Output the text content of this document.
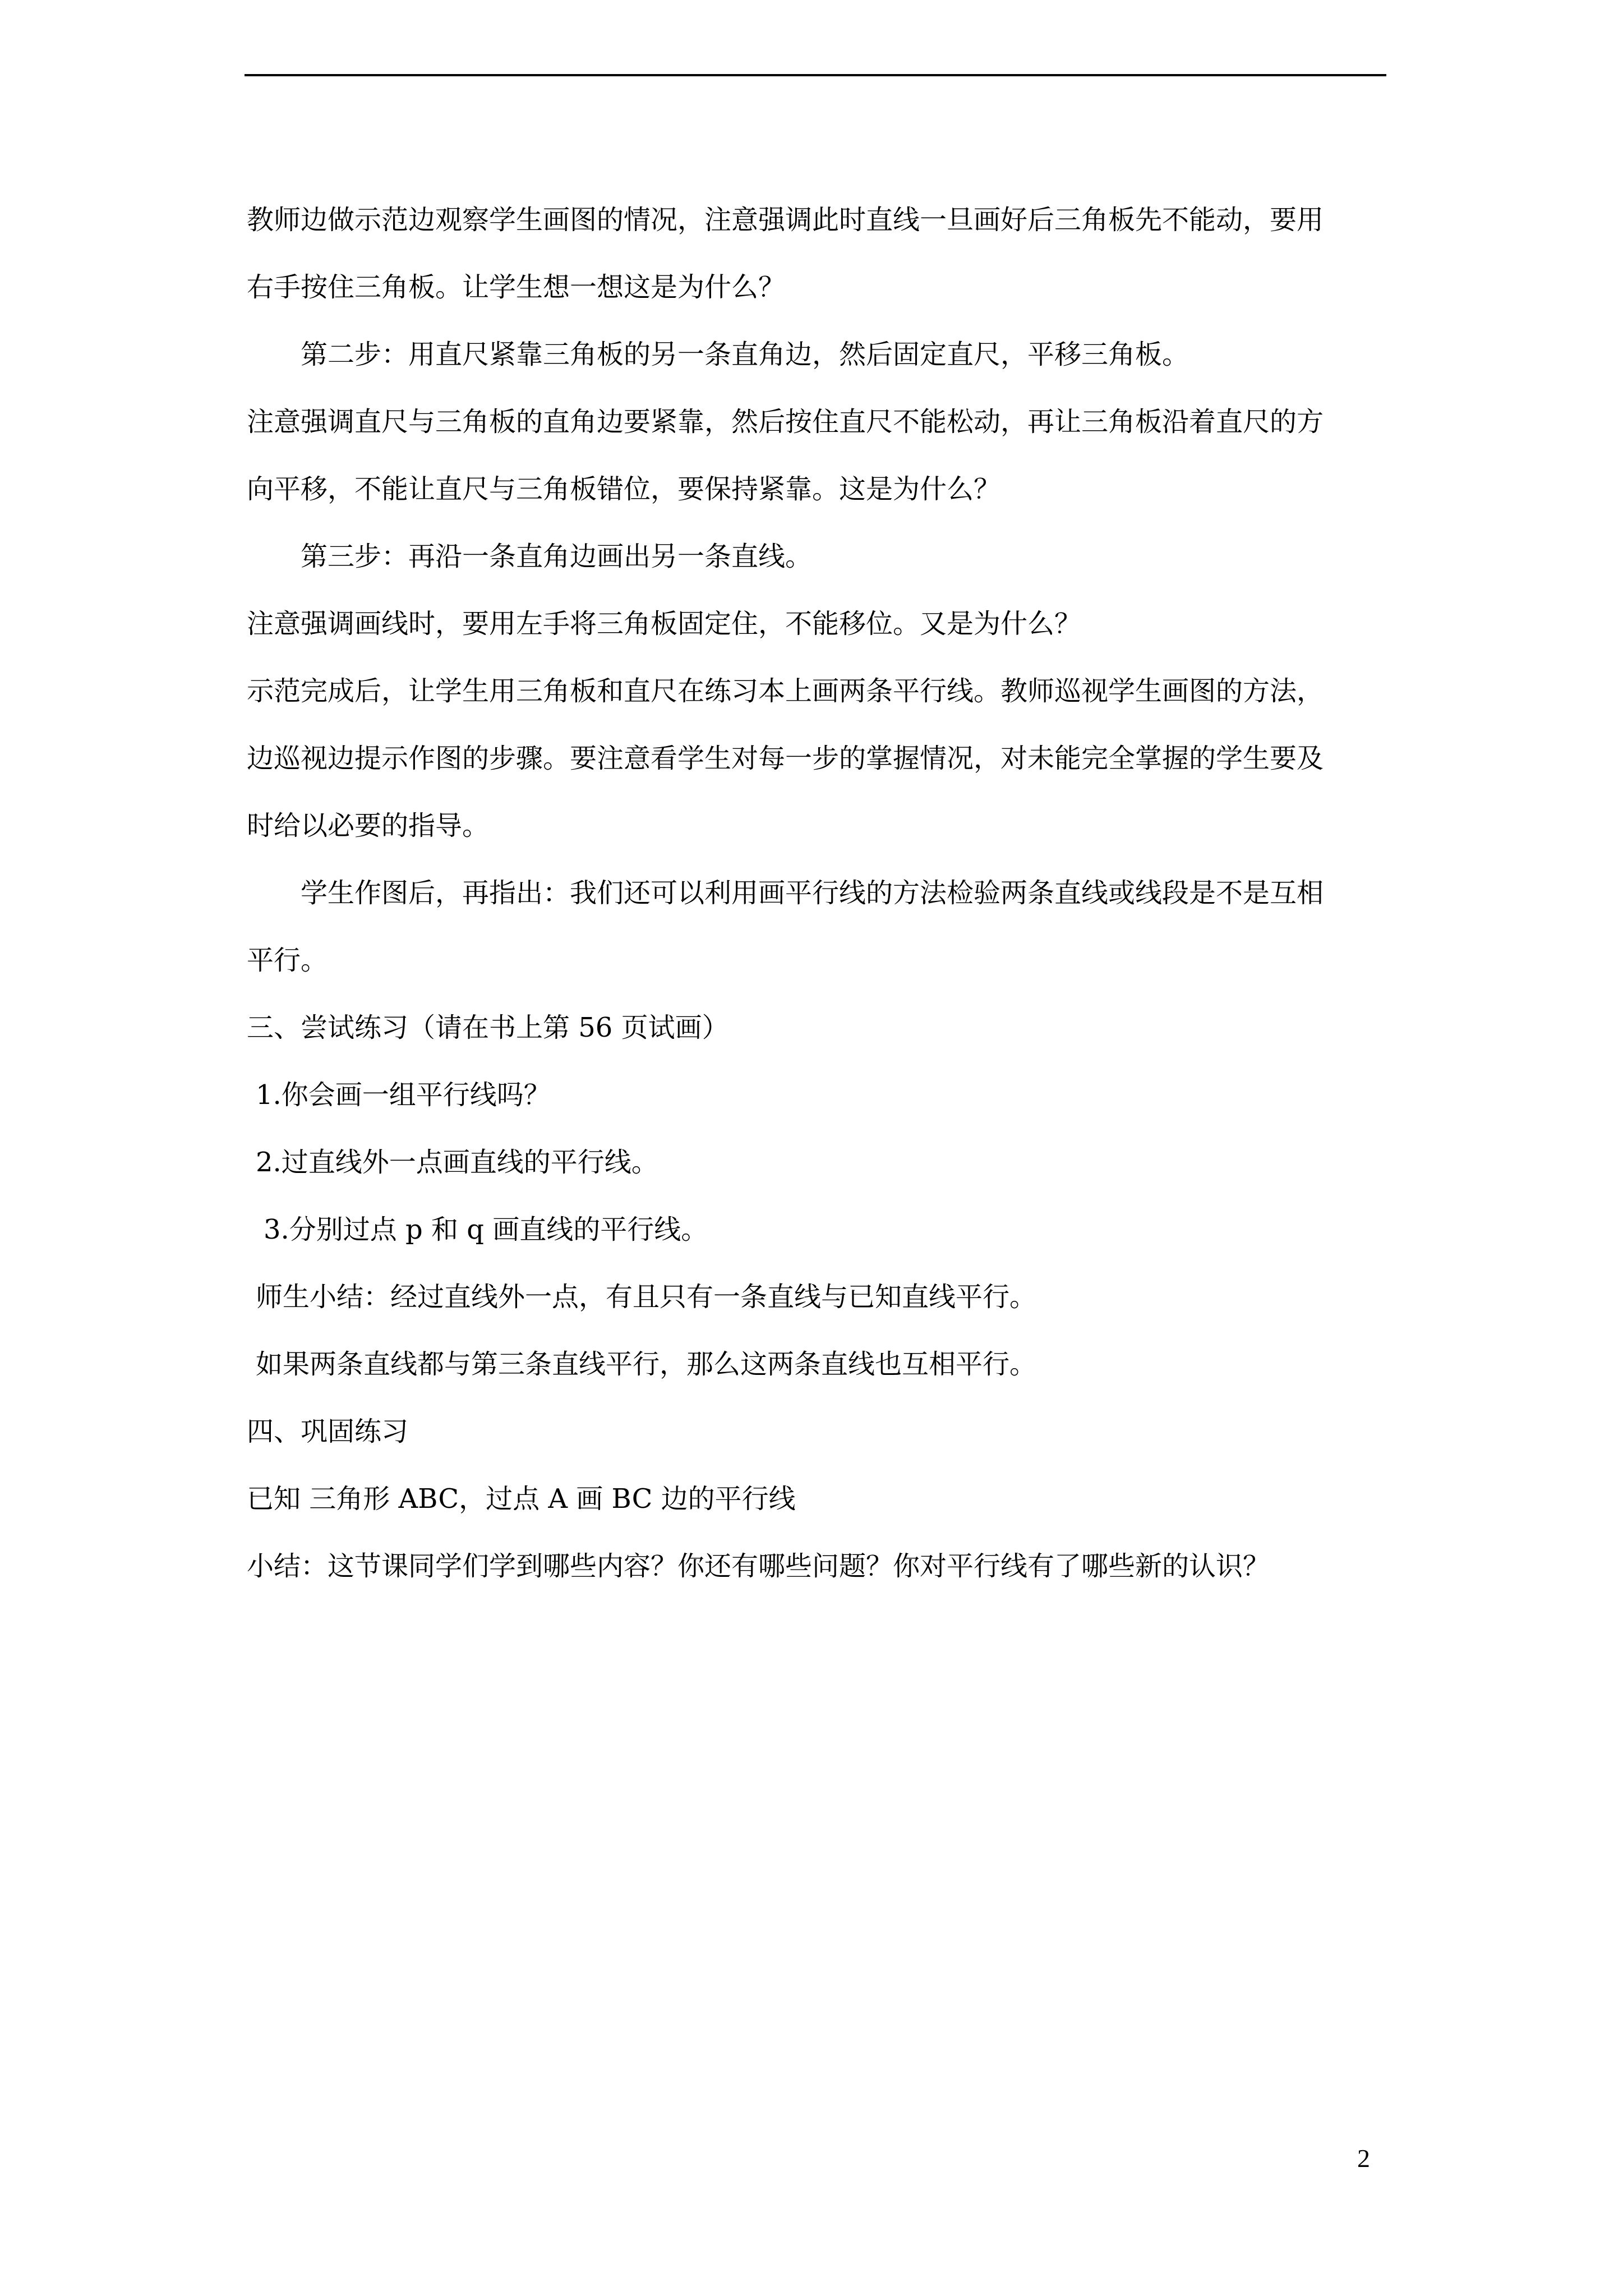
教师边做示范边观察学生画图的情况，注意强调此时直线一旦画好后三角板先不能动，要用
右手按住三角板。让学生想一想这是为什么？
第二步：用直尺紧靠三角板的另一条直角边，然后固定直尺，平移三角板。
注意强调直尺与三角板的直角边要紧靠，然后按住直尺不能松动，再让三角板沿着直尺的方
向平移，不能让直尺与三角板错位，要保持紧靠。这是为什么？
第三步：再沿一条直角边画出另一条直线。
注意强调画线时，要用左手将三角板固定住，不能移位。又是为什么？
示范完成后，让学生用三角板和直尺在练习本上画两条平行线。教师巡视学生画图的方法，
边巡视边提示作图的步骤。要注意看学生对每一步的掌握情况，对未能完全掌握的学生要及
时给以必要的指导。
学生作图后，再指出：我们还可以利用画平行线的方法检验两条直线或线段是不是互相
平行。
三、尝试练习（请在书上第 56 页试画）
1.你会画一组平行线吗？
2.过直线外一点画直线的平行线。
3.分别过点 p 和 q 画直线的平行线。
师生小结：经过直线外一点，有且只有一条直线与已知直线平行。
如果两条直线都与第三条直线平行，那么这两条直线也互相平行。
四、巩固练习
已知 三角形 ABC，过点 A 画 BC 边的平行线
小结：这节课同学们学到哪些内容？你还有哪些问题？你对平行线有了哪些新的认识？
2
